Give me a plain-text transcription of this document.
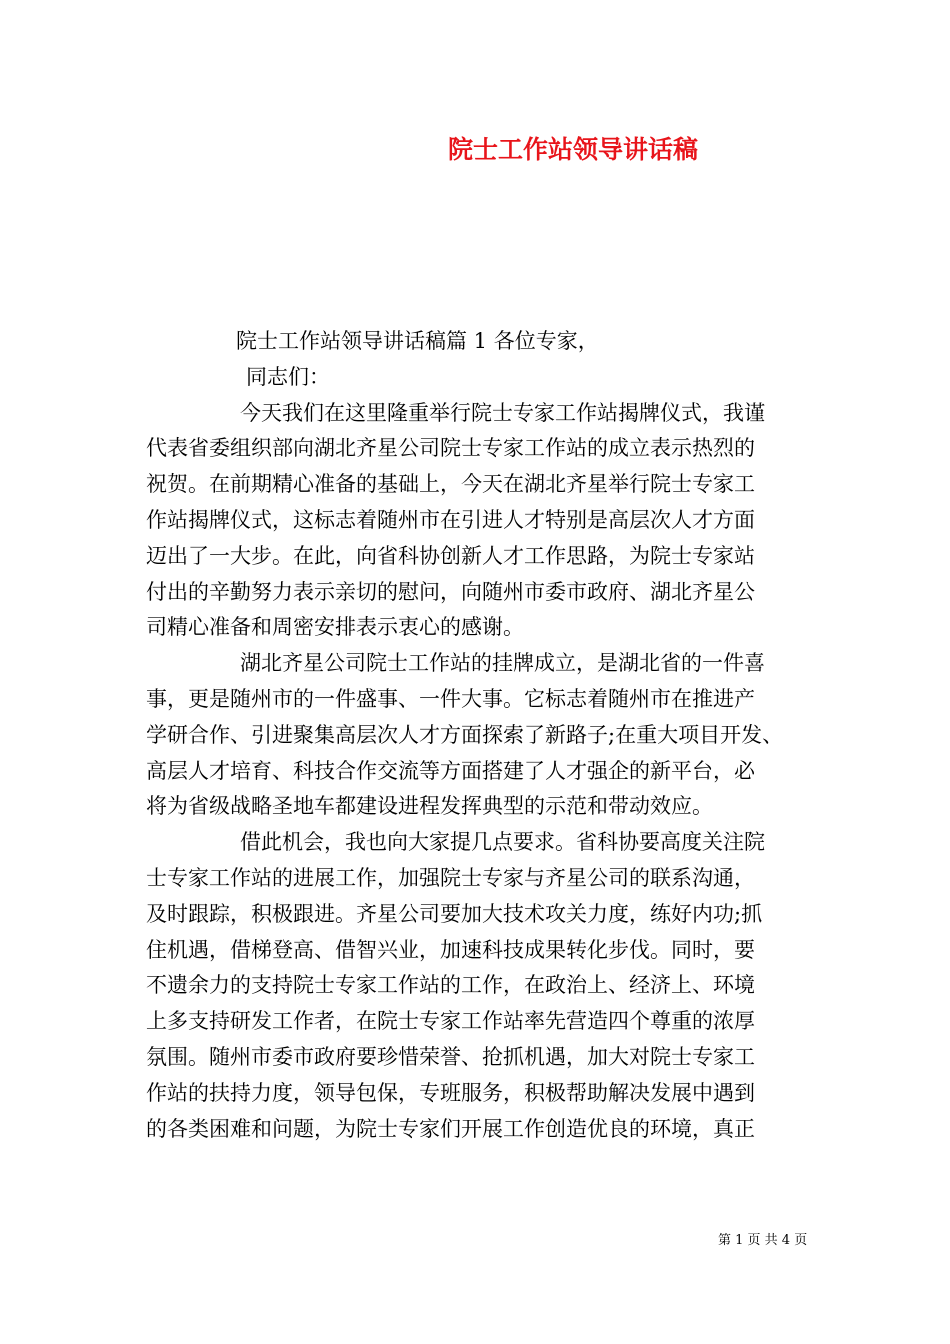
院士工作站领导讲话稿
院士工作站领导讲话稿篇 1 各位专家，
同志们：
今天我们在这里隆重举行院士专家工作站揭牌仪式，我谨
代表省委组织部向湖北齐星公司院士专家工作站的成立表示热烈的
祝贺。在前期精心准备的基础上，今天在湖北齐星举行院士专家工
作站揭牌仪式，这标志着随州市在引进人才特别是高层次人才方面
迈出了一大步。在此，向省科协创新人才工作思路，为院士专家站
付出的辛勤努力表示亲切的慰问，向随州市委市政府、湖北齐星公
司精心准备和周密安排表示衷心的感谢。
湖北齐星公司院士工作站的挂牌成立，是湖北省的一件喜
事，更是随州市的一件盛事、一件大事。它标志着随州市在推进产
学研合作、引进聚集高层次人才方面探索了新路子;在重大项目开发、
高层人才培育、科技合作交流等方面搭建了人才强企的新平台，必
将为省级战略圣地车都建设进程发挥典型的示范和带动效应。
借此机会，我也向大家提几点要求。省科协要高度关注院
士专家工作站的进展工作，加强院士专家与齐星公司的联系沟通，
及时跟踪，积极跟进。齐星公司要加大技术攻关力度，练好内功;抓
住机遇，借梯登高、借智兴业，加速科技成果转化步伐。同时，要
不遗余力的支持院士专家工作站的工作，在政治上、经济上、环境
上多支持研发工作者，在院士专家工作站率先营造四个尊重的浓厚
氛围。随州市委市政府要珍惜荣誉、抢抓机遇，加大对院士专家工
作站的扶持力度，领导包保，专班服务，积极帮助解决发展中遇到
的各类困难和问题，为院士专家们开展工作创造优良的环境，真正
第 1 页 共 4 页
